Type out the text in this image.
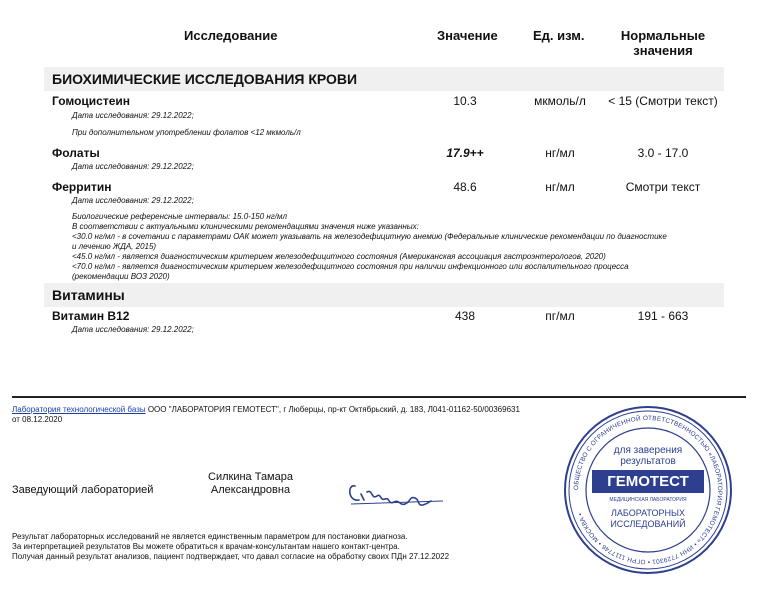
Исследование	Значение	Ед. изм.	Нормальные
значения
БИОХИМИЧЕСКИЕ ИССЛЕДОВАНИЯ КРОВИ
Гомоцистеин	10.3	мкмоль/л	< 15 (Смотри текст)
Дата исследования: 29.12.2022;
При дополнительном употреблении фолатов <12 мкмоль/л
Фолаты	17.9++	нг/мл	3.0 - 17.0
Дата исследования: 29.12.2022;
Ферритин	48.6	нг/мл	Смотри текст
Дата исследования: 29.12.2022;
Биологические референсные интервалы: 15.0-150 нг/мл
В соответствии с актуальными клиническими рекомендациями значения ниже указанных:
<30.0 нг/мл - в сочетании с параметрами ОАК может указывать на железодефицитную анемию (Федеральные клинические рекомендации по диагностике
и лечению ЖДА, 2015)
<45.0 нг/мл - является диагностическим критерием железодефицитного состояния (Американская ассоциация гастроэнтерологов, 2020)
<70.0 нг/мл - является диагностическим критерием железодефицитного состояния при наличии инфекционного или воспалительного процесса
(рекомендации ВОЗ 2020)
Витамины
Витамин B12	438	пг/мл	191 - 663
Дата исследования: 29.12.2022;
Лаборатория технологической базы ООО "ЛАБОРАТОРИЯ ГЕМОТЕСТ", г Люберцы, пр-кт Октябрьский, д. 183, Л041-01162-50/00369631
от 08.12.2020
Заведующий лабораторией
Силкина Тамара
Александровна
Результат лабораторных исследований не является единственным параметром для постановки диагноза.
За интерпретацией результатов Вы можете обратиться к врачам-консультантам нашего контакт-центра.
Получая данный результат анализов, пациент подтверждает, что давал согласие на обработку своих ПДн 27.12.2022
ОБЩЕСТВО С ОГРАНИЧЕННОЙ ОТВЕТСТВЕННОСТЬЮ «ЛАБОРАТОРИЯ ГЕМОТЕСТ» • ИНН 7729301 • ОГРН 1117746 • МОСКВА •
для заверения
результатов
ГЕМОТЕСТ
МЕДИЦИНСКАЯ ЛАБОРАТОРИЯ
ЛАБОРАТОРНЫХ
ИССЛЕДОВАНИЙ
